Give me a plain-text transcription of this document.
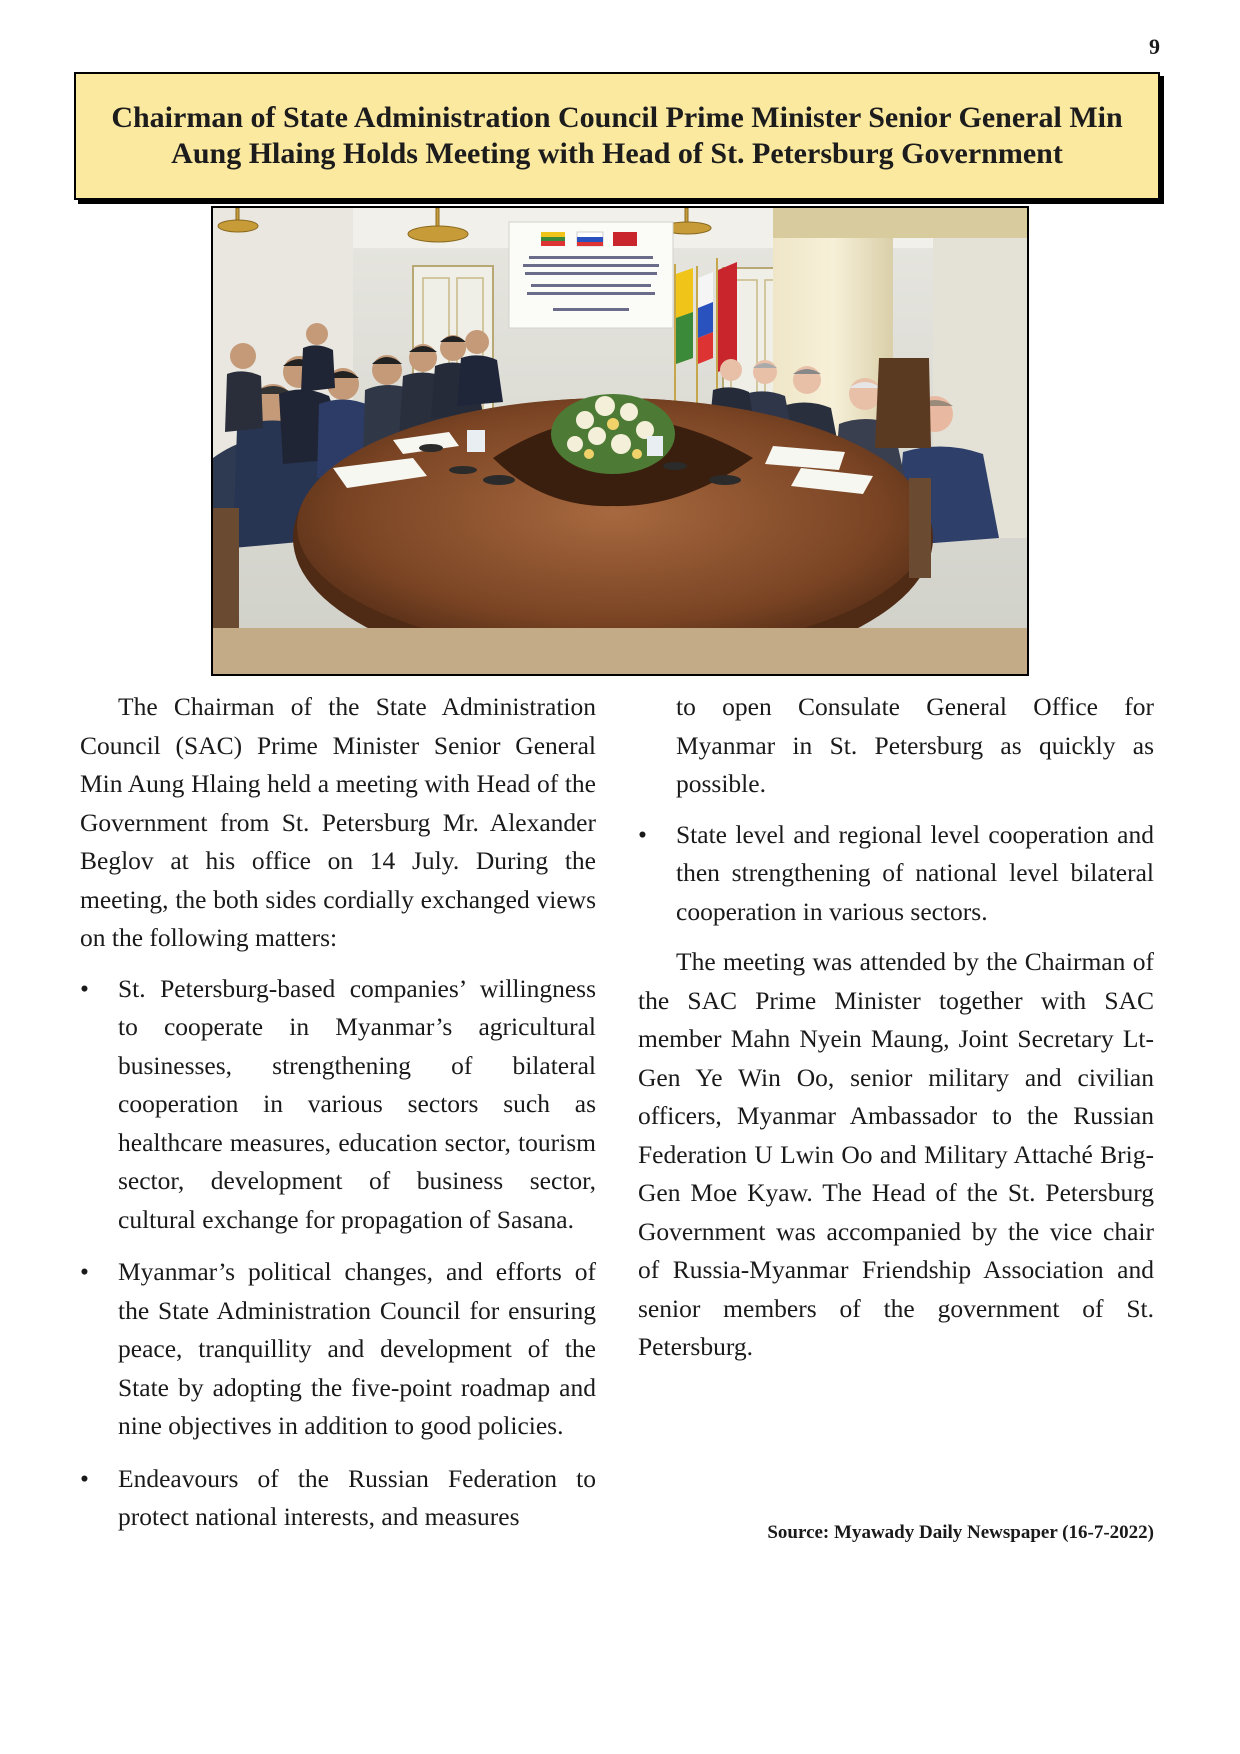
9
Chairman of State Administration Council Prime Minister Senior General Min Aung Hlaing Holds Meeting with Head of St. Petersburg Government

The Chairman of the State Administration Council (SAC) Prime Minister Senior General Min Aung Hlaing held a meeting with Head of the Government from St. Petersburg Mr. Alexander Beglov at his office on 14 July. During the meeting, the both sides cordially exchanged views on the following matters:

• St. Petersburg-based companies’ willingness to cooperate in Myanmar’s agricultural businesses, strengthening of bilateral cooperation in various sectors such as healthcare measures, education sector, tourism sector, development of business sector, cultural exchange for propagation of Sasana.
• Myanmar’s political changes, and efforts of the State Administration Council for ensuring peace, tranquillity and development of the State by adopting the five-point roadmap and nine objectives in addition to good policies.
• Endeavours of the Russian Federation to protect national interests, and measures

to open Consulate General Office for Myanmar in St. Petersburg as quickly as possible.

• State level and regional level cooperation and then strengthening of national level bilateral cooperation in various sectors.

The meeting was attended by the Chairman of the SAC Prime Minister together with SAC member Mahn Nyein Maung, Joint Secretary Lt-Gen Ye Win Oo, senior military and civilian officers, Myanmar Ambassador to the Russian Federation U Lwin Oo and Military Attaché Brig-Gen Moe Kyaw. The Head of the St. Petersburg Government was accompanied by the vice chair of Russia-Myanmar Friendship Association and senior members of the government of St. Petersburg.

Source: Myawady Daily Newspaper (16-7-2022)
